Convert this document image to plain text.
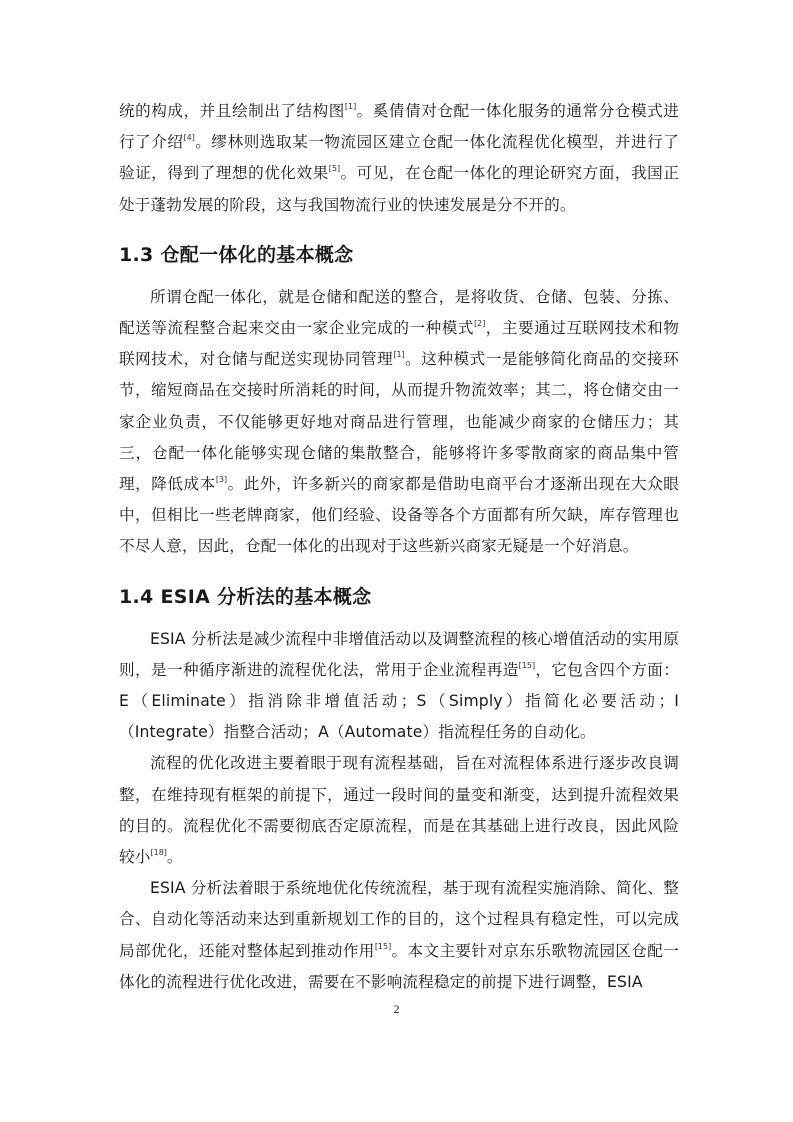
统的构成，并且绘制出了结构图[1]。奚倩倩对仓配一体化服务的通常分仓模式进行了介绍[4]。缪林则选取某一物流园区建立仓配一体化流程优化模型，并进行了验证，得到了理想的优化效果[5]。可见，在仓配一体化的理论研究方面，我国正处于蓬勃发展的阶段，这与我国物流行业的快速发展是分不开的。

1.3 仓配一体化的基本概念

所谓仓配一体化，就是仓储和配送的整合，是将收货、仓储、包装、分拣、配送等流程整合起来交由一家企业完成的一种模式[2]，主要通过互联网技术和物联网技术，对仓储与配送实现协同管理[1]。这种模式一是能够简化商品的交接环节，缩短商品在交接时所消耗的时间，从而提升物流效率；其二，将仓储交由一家企业负责，不仅能够更好地对商品进行管理，也能减少商家的仓储压力；其三，仓配一体化能够实现仓储的集散整合，能够将许多零散商家的商品集中管理，降低成本[3]。此外，许多新兴的商家都是借助电商平台才逐渐出现在大众眼中，但相比一些老牌商家，他们经验、设备等各个方面都有所欠缺，库存管理也不尽人意，因此，仓配一体化的出现对于这些新兴商家无疑是一个好消息。

1.4 ESIA 分析法的基本概念

ESIA 分析法是减少流程中非增值活动以及调整流程的核心增值活动的实用原则，是一种循序渐进的流程优化法，常用于企业流程再造[15]，它包含四个方面：E（Eliminate）指消除非增值活动；S（Simply）指简化必要活动；I（Integrate）指整合活动；A（Automate）指流程任务的自动化。

流程的优化改进主要着眼于现有流程基础，旨在对流程体系进行逐步改良调整，在维持现有框架的前提下，通过一段时间的量变和渐变，达到提升流程效果的目的。流程优化不需要彻底否定原流程，而是在其基础上进行改良，因此风险较小[18]。

ESIA 分析法着眼于系统地优化传统流程，基于现有流程实施消除、简化、整合、自动化等活动来达到重新规划工作的目的，这个过程具有稳定性，可以完成局部优化，还能对整体起到推动作用[15]。本文主要针对京东乐歌物流园区仓配一体化的流程进行优化改进，需要在不影响流程稳定的前提下进行调整，ESIA

2
